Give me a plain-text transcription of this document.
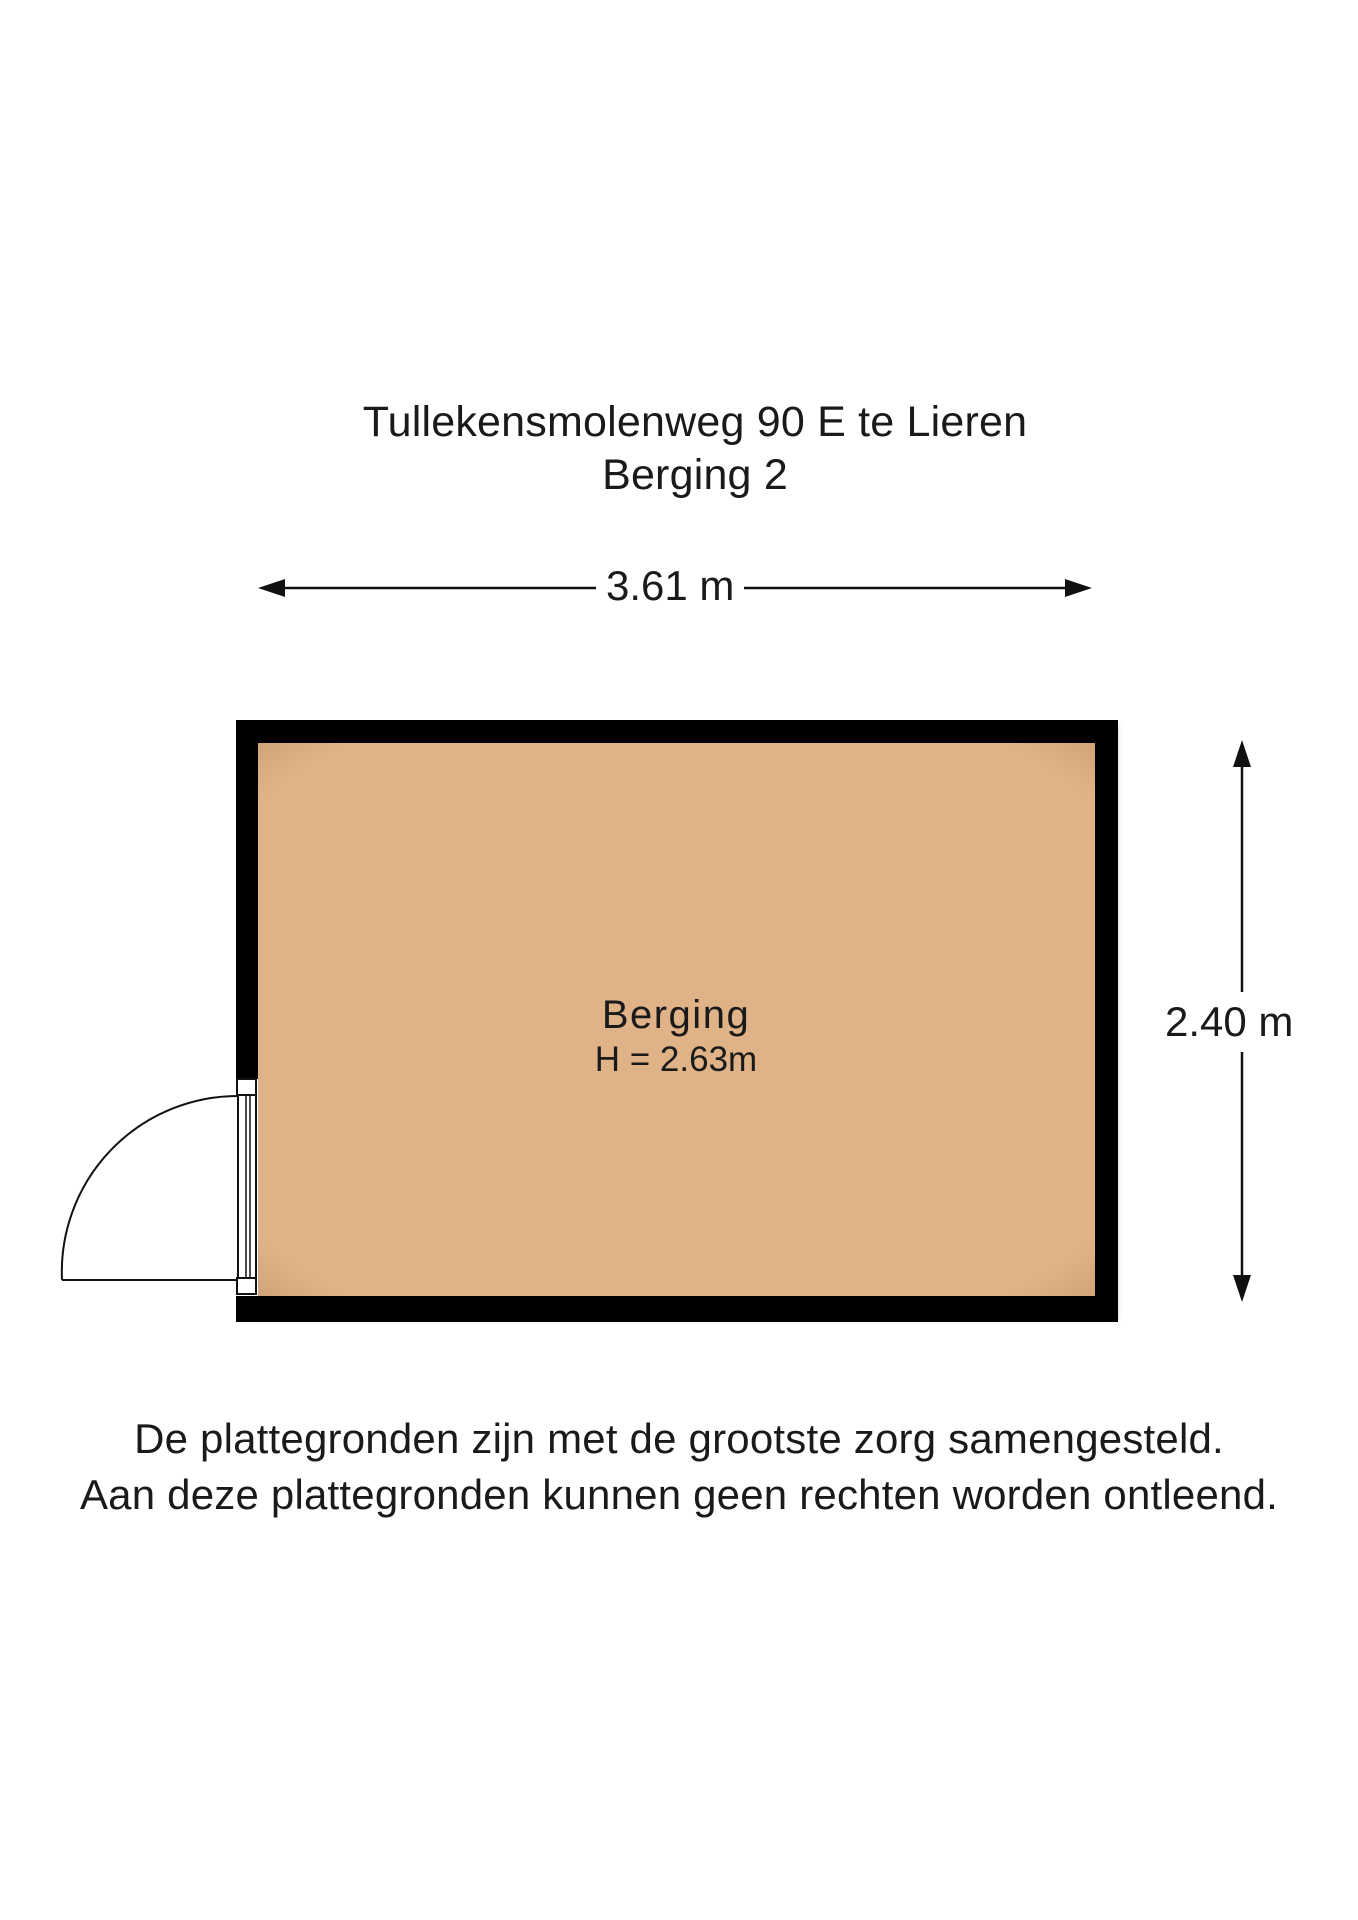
Tullekensmolenweg 90 E te Lieren
Berging 2
3.61 m
2.40 m
Berging
H = 2.63m
De plattegronden zijn met de grootste zorg samengesteld.
Aan deze plattegronden kunnen geen rechten worden ontleend.
